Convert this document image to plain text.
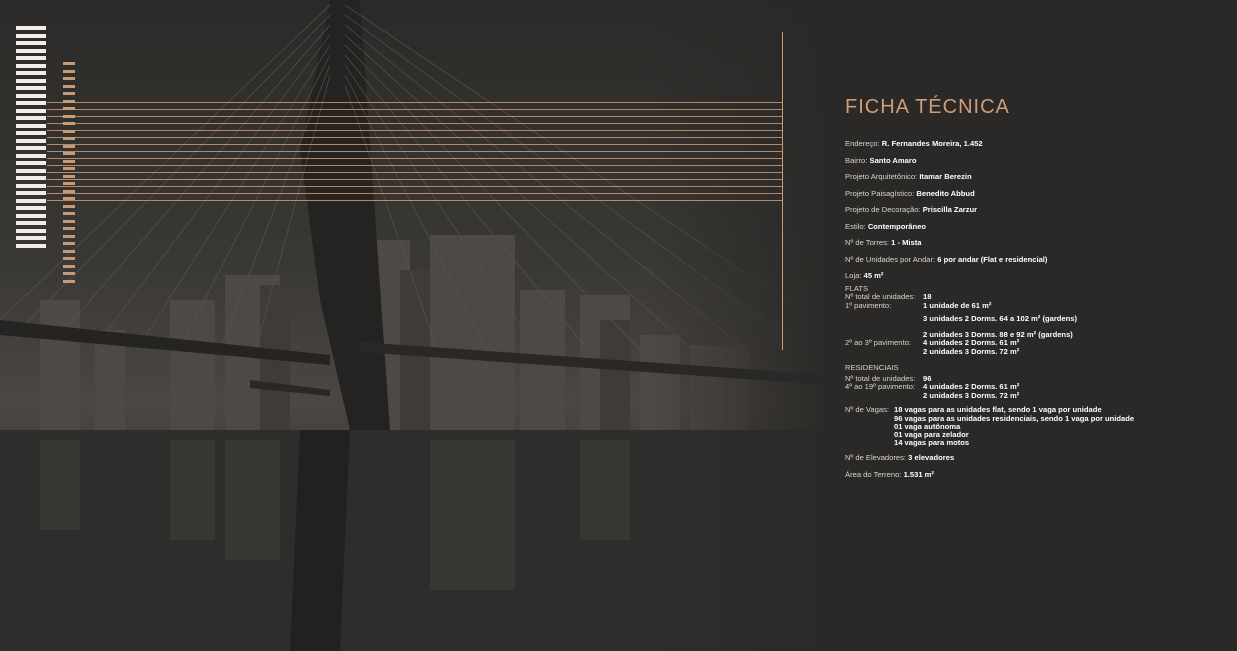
FICHA TÉCNICA
Endereço: R. Fernandes Moreira, 1.452
Bairro: Santo Amaro
Projeto Arquitetônico: Itamar Berezin
Projeto Paisagístico: Benedito Abbud
Projeto de Decoração: Priscilla Zarzur
Estilo: Contemporâneo
Nº de Torres: 1 - Mista
Nº de Unidades por Andar: 6 por andar (Flat e residencial)
Loja: 45 m²
FLATS
Nº total de unidades:	18
1º pavimento:	1 unidade de 61 m²
3 unidades 2 Dorms. 64 a 102 m² (gardens)
2 unidades 3 Dorms. 88 e 92 m² (gardens)
2º ao 3º pavimento:	4 unidades 2 Dorms. 61 m²
2 unidades 3 Dorms. 72 m²
RESIDENCIAIS
Nº total de unidades:	96
4º ao 19º pavimento:	4 unidades 2 Dorms. 61 m²
2 unidades 3 Dorms. 72 m²
Nº de Vagas: 18 vagas para as unidades flat, sendo 1 vaga por unidade
96 vagas para as unidades residenciais, sendo 1 vaga por unidade
01 vaga autônoma
01 vaga para zelador
14 vagas para motos
Nº de Elevadores: 3 elevadores
Área do Terreno: 1.531 m²
